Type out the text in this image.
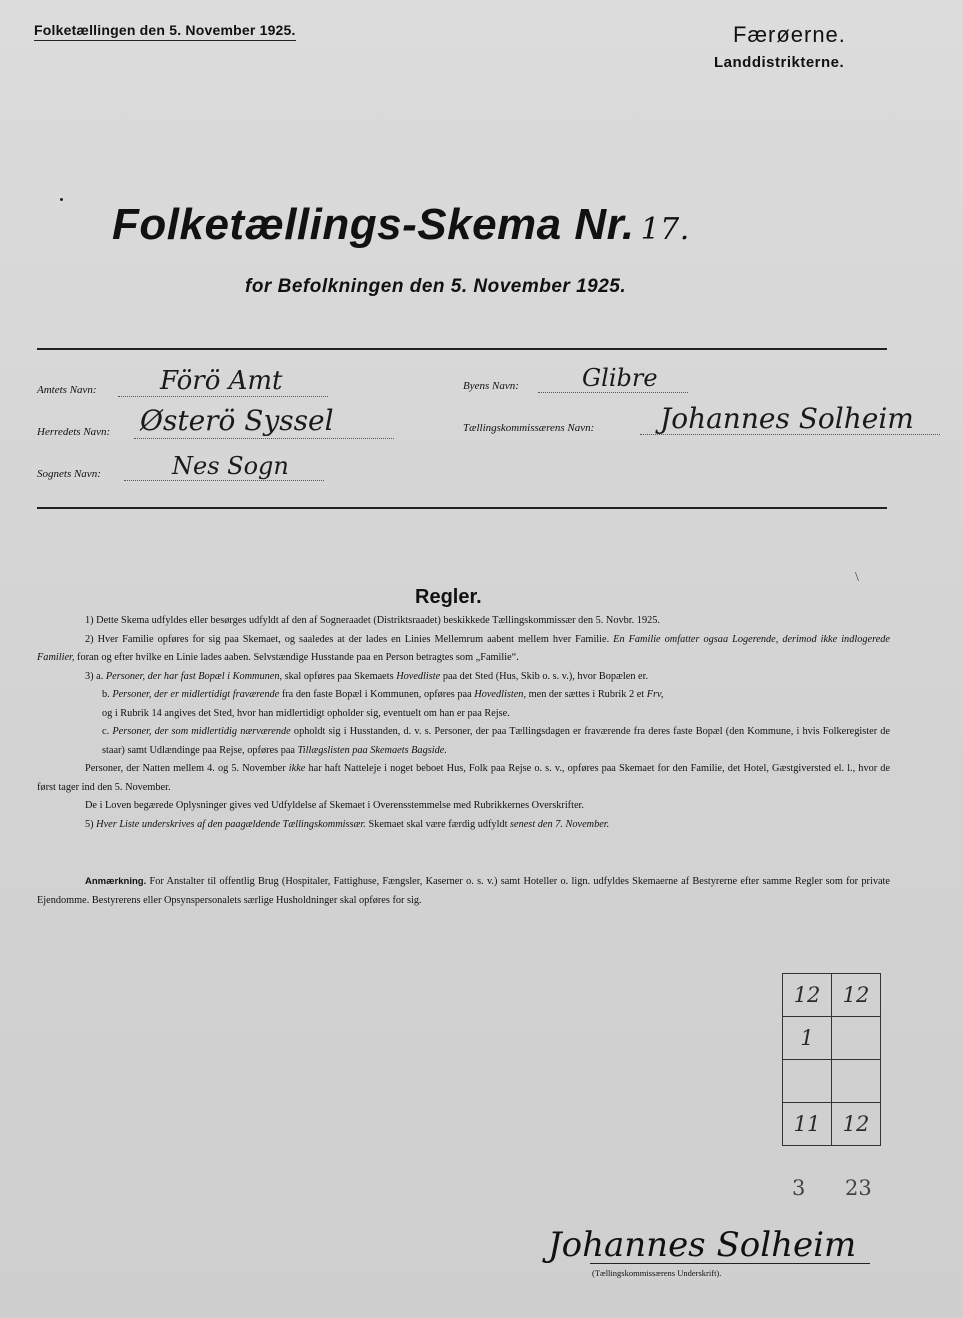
Folketællingen den 5. November 1925.	Færøerne.
Landdistrikterne.
Folketællings-Skema Nr. 17.
for Befolkningen den 5. November 1925.
Amtets Navn: Förö Amt	Byens Navn:	Glibre
Herredets Navn: Østerö Syssel	Tællingskommissærens Navn: Johannes Solheim
Sognets Navn:	Nes Sogn
\
Regler.

1) Dette Skema udfyldes eller besørges udfyldt af den af Sogneraadet (Distriktsraadet) beskikkede Tællingskommissær den 5. Novbr. 1925.

2) Hver Familie opføres for sig paa Skemaet, og saaledes at der lades en Linies Mellemrum aabent mellem hver Familie. En Familie omfatter ogsaa Logerende, derimod ikke indlogerede Familier, foran og efter hvilke en Linie lades aaben. Selvstændige Husstande paa en Person betragtes som „Familie“.

3) a. Personer, der har fast Bopæl i Kommunen, skal opføres paa Skemaets Hovedliste paa det Sted (Hus, Skib o. s. v.), hvor Bopælen er.

b. Personer, der er midlertidigt fraværende fra den faste Bopæl i Kommunen, opføres paa Hovedlisten, men der sættes i Rubrik 2 et Frv,
og i Rubrik 14 angives det Sted, hvor han midlertidigt opholder sig, eventuelt om han er paa Rejse.

c. Personer, der som midlertidig nærværende opholdt sig i Husstanden, d. v. s. Personer, der paa Tællingsdagen er fraværende fra deres faste Bopæl (den Kommune, i hvis Folkeregister de staar) samt Udlændinge paa Rejse, opføres paa Tillægslisten paa Skemaets Bagside.

Personer, der Natten mellem 4. og 5. November ikke har haft Natteleje i noget beboet Hus, Folk paa Rejse o. s. v., opføres paa Skemaet for den Familie, det Hotel, Gæstgiversted el. l., hvor de først tager ind den 5. November.

De i Loven begærede Oplysninger gives ved Udfyldelse af Skemaet i Overensstemmelse med Rubrikkernes Overskrifter.

5) Hver Liste underskrives af den paagældende Tællingskommissær. Skemaet skal være færdig udfyldt senest den 7. November.

Anmærkning. For Anstalter til offentlig Brug (Hospitaler, Fattighuse, Fængsler, Kaserner o. s. v.) samt Hoteller o. lign. udfyldes Skemaerne af Bestyrerne efter samme Regler som for private Ejendomme. Bestyrerens eller Opsynspersonalets særlige Husholdninger skal opføres for sig.
12	12
1	

11	12
3 23
Johannes Solheim
(Tællingskommissærens Underskrift).
